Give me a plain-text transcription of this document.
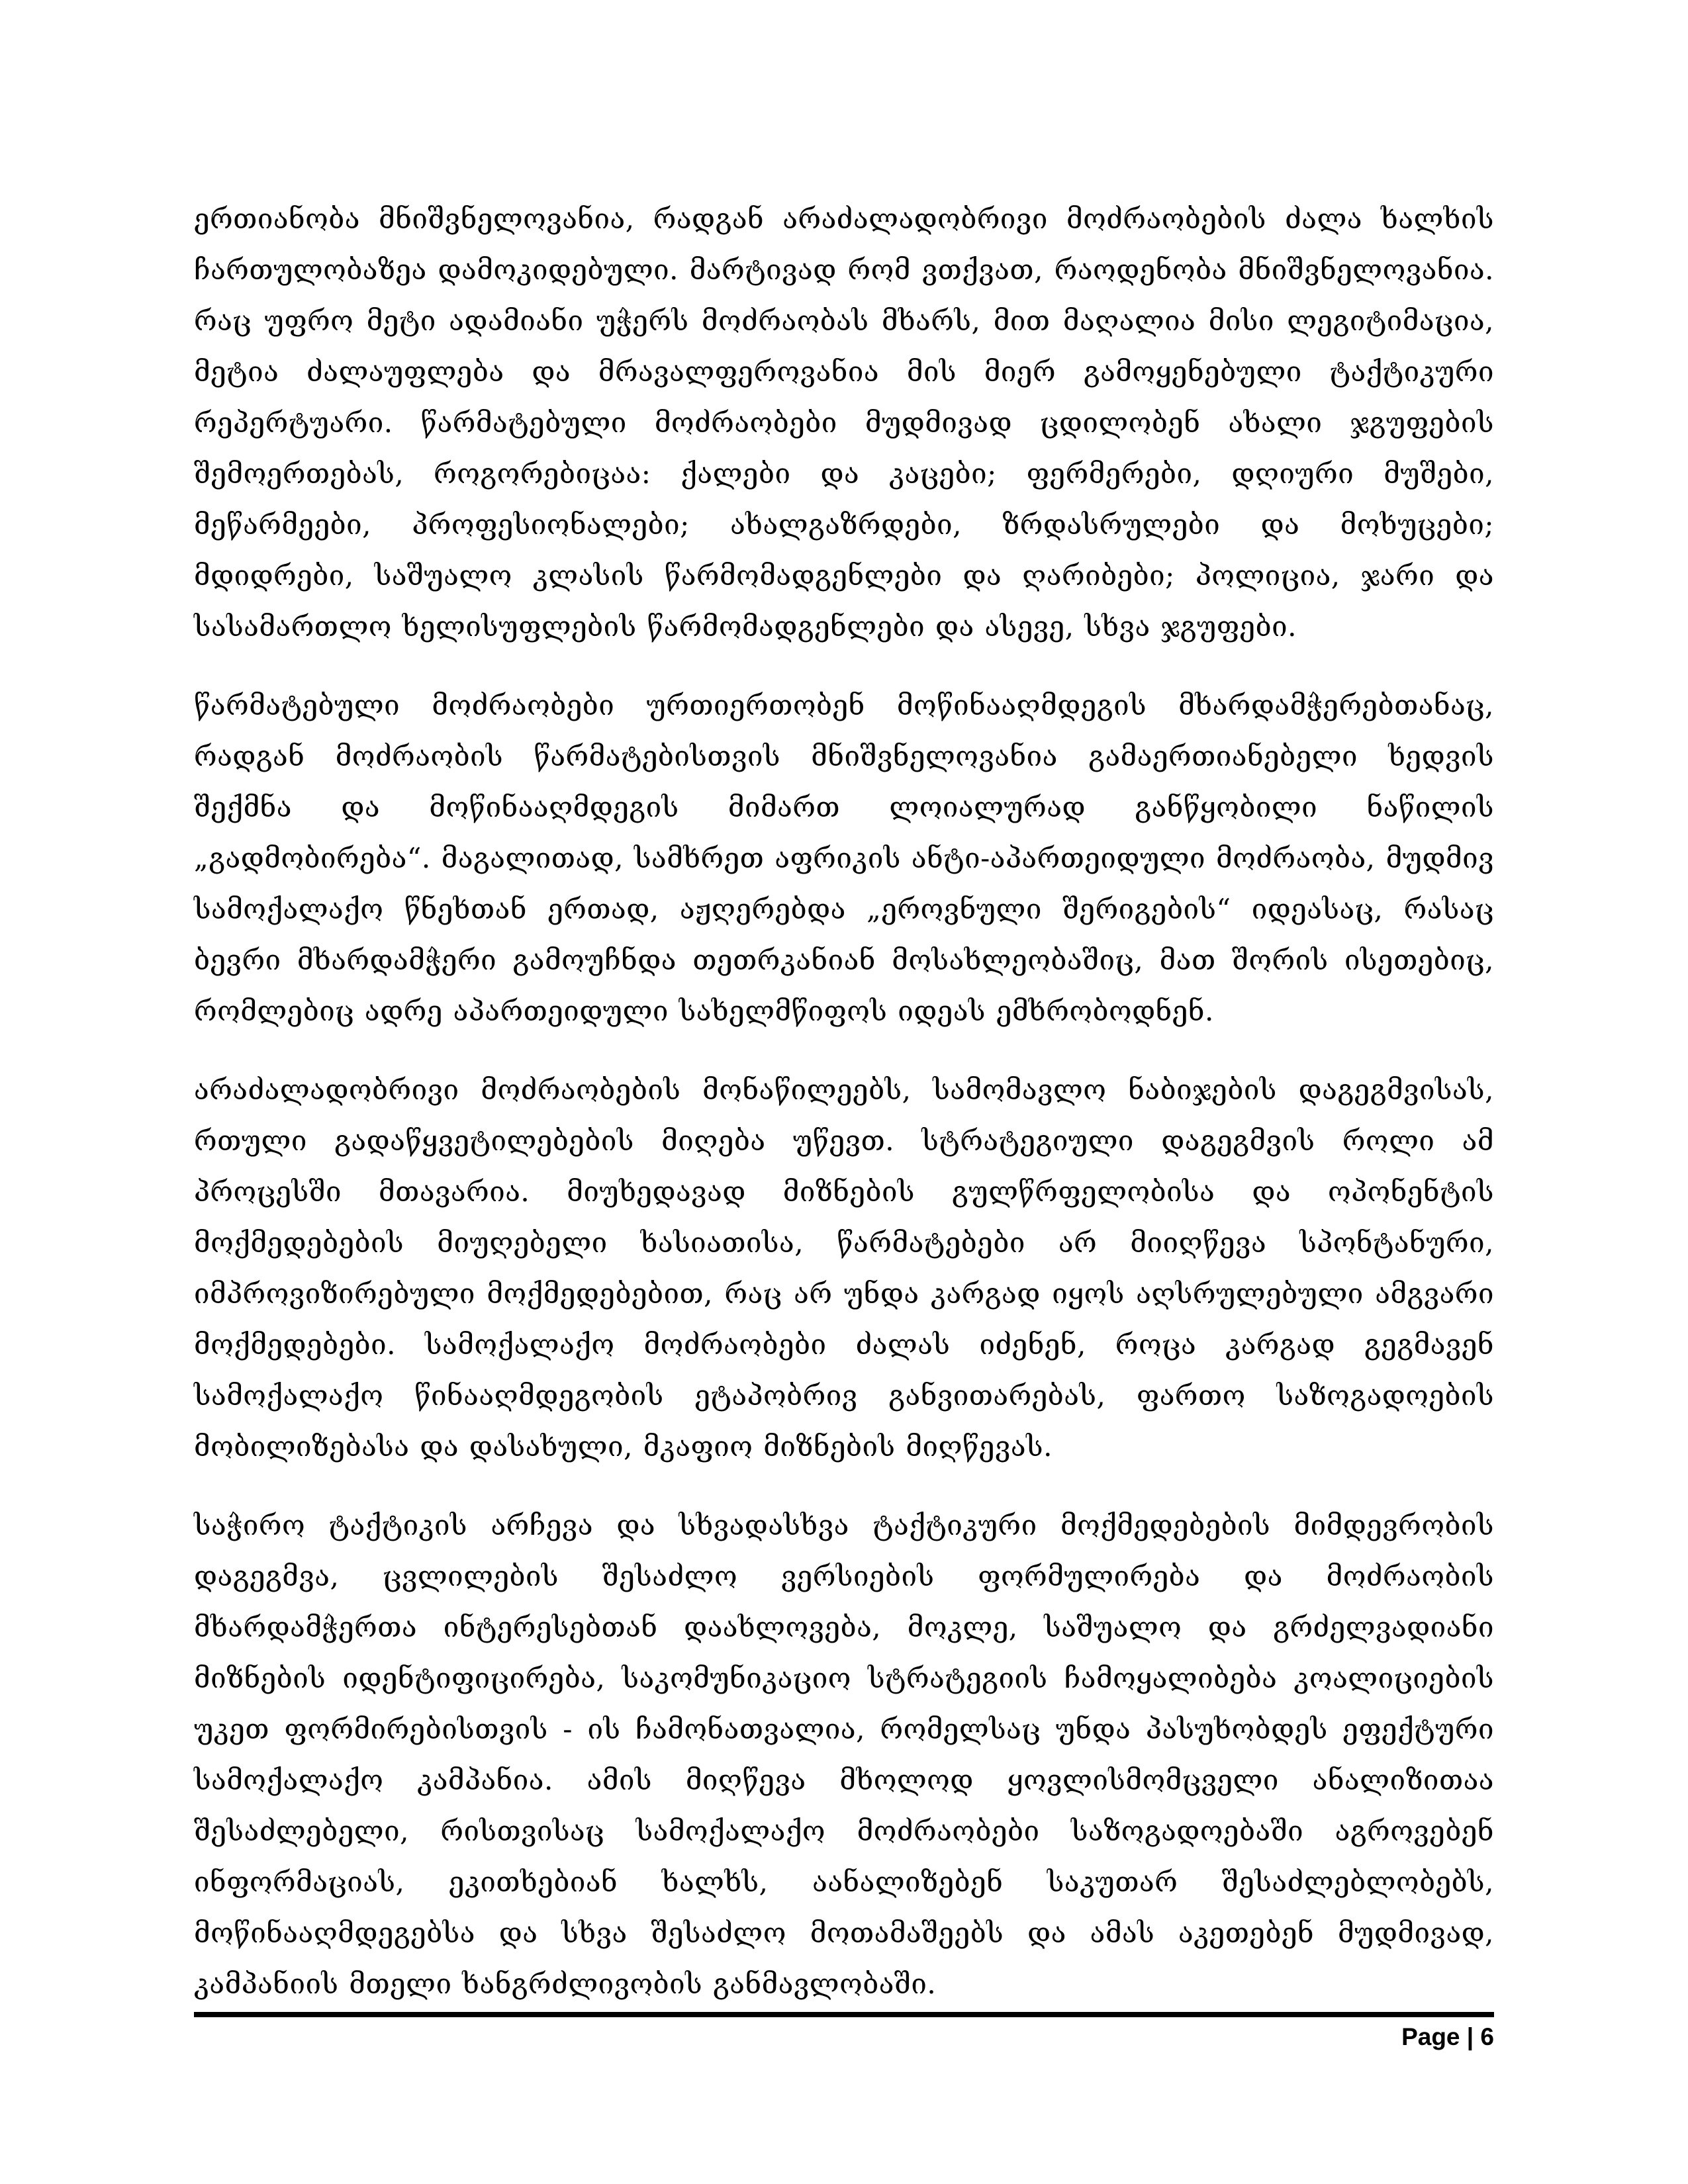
ერთიანობა მნიშვნელოვანია, რადგან არაძალადობრივი მოძრაობების ძალა ხალხის ჩართულობაზეა დამოკიდებული. მარტივად რომ ვთქვათ, რაოდენობა მნიშვნელოვანია. რაც უფრო მეტი ადამიანი უჭერს მოძრაობას მხარს, მით მაღალია მისი ლეგიტიმაცია, მეტია ძალაუფლება და მრავალფეროვანია მის მიერ გამოყენებული ტაქტიკური რეპერტუარი. წარმატებული მოძრაობები მუდმივად ცდილობენ ახალი ჯგუფების შემოერთებას, როგორებიცაა: ქალები და კაცები; ფერმერები, დღიური მუშები, მეწარმეები, პროფესიონალები; ახალგაზრდები, ზრდასრულები და მოხუცები; მდიდრები, საშუალო კლასის წარმომადგენლები და ღარიბები; პოლიცია, ჯარი და სასამართლო ხელისუფლების წარმომადგენლები და ასევე, სხვა ჯგუფები.

წარმატებული მოძრაობები ურთიერთობენ მოწინააღმდეგის მხარდამჭერებთანაც, რადგან მოძრაობის წარმატებისთვის მნიშვნელოვანია გამაერთიანებელი ხედვის შექმნა და მოწინააღმდეგის მიმართ ლოიალურად განწყობილი ნაწილის „გადმობირება“. მაგალითად, სამხრეთ აფრიკის ანტი-აპართეიდული მოძრაობა, მუდმივ სამოქალაქო წნეხთან ერთად, აჟღერებდა „ეროვნული შერიგების“ იდეასაც, რასაც ბევრი მხარდამჭერი გამოუჩნდა თეთრკანიან მოსახლეობაშიც, მათ შორის ისეთებიც, რომლებიც ადრე აპართეიდული სახელმწიფოს იდეას ემხრობოდნენ.

არაძალადობრივი მოძრაობების მონაწილეებს, სამომავლო ნაბიჯების დაგეგმვისას, რთული გადაწყვეტილებების მიღება უწევთ. სტრატეგიული დაგეგმვის როლი ამ პროცესში მთავარია. მიუხედავად მიზნების გულწრფელობისა და ოპონენტის მოქმედებების მიუღებელი ხასიათისა, წარმატებები არ მიიღწევა სპონტანური, იმპროვიზირებული მოქმედებებით, რაც არ უნდა კარგად იყოს აღსრულებული ამგვარი მოქმედებები. სამოქალაქო მოძრაობები ძალას იძენენ, როცა კარგად გეგმავენ სამოქალაქო წინააღმდეგობის ეტაპობრივ განვითარებას, ფართო საზოგადოების მობილიზებასა და დასახული, მკაფიო მიზნების მიღწევას.

საჭირო ტაქტიკის არჩევა და სხვადასხვა ტაქტიკური მოქმედებების მიმდევრობის დაგეგმვა, ცვლილების შესაძლო ვერსიების ფორმულირება და მოძრაობის მხარდამჭერთა ინტერესებთან დაახლოვება, მოკლე, საშუალო და გრძელვადიანი მიზნების იდენტიფიცირება, საკომუნიკაციო სტრატეგიის ჩამოყალიბება კოალიციების უკეთ ფორმირებისთვის - ის ჩამონათვალია, რომელსაც უნდა პასუხობდეს ეფექტური სამოქალაქო კამპანია. ამის მიღწევა მხოლოდ ყოვლისმომცველი ანალიზითაა შესაძლებელი, რისთვისაც სამოქალაქო მოძრაობები საზოგადოებაში აგროვებენ ინფორმაციას, ეკითხებიან ხალხს, აანალიზებენ საკუთარ შესაძლებლობებს, მოწინააღმდეგებსა და სხვა შესაძლო მოთამაშეებს და ამას აკეთებენ მუდმივად, კამპანიის მთელი ხანგრძლივობის განმავლობაში.

Page | 6
